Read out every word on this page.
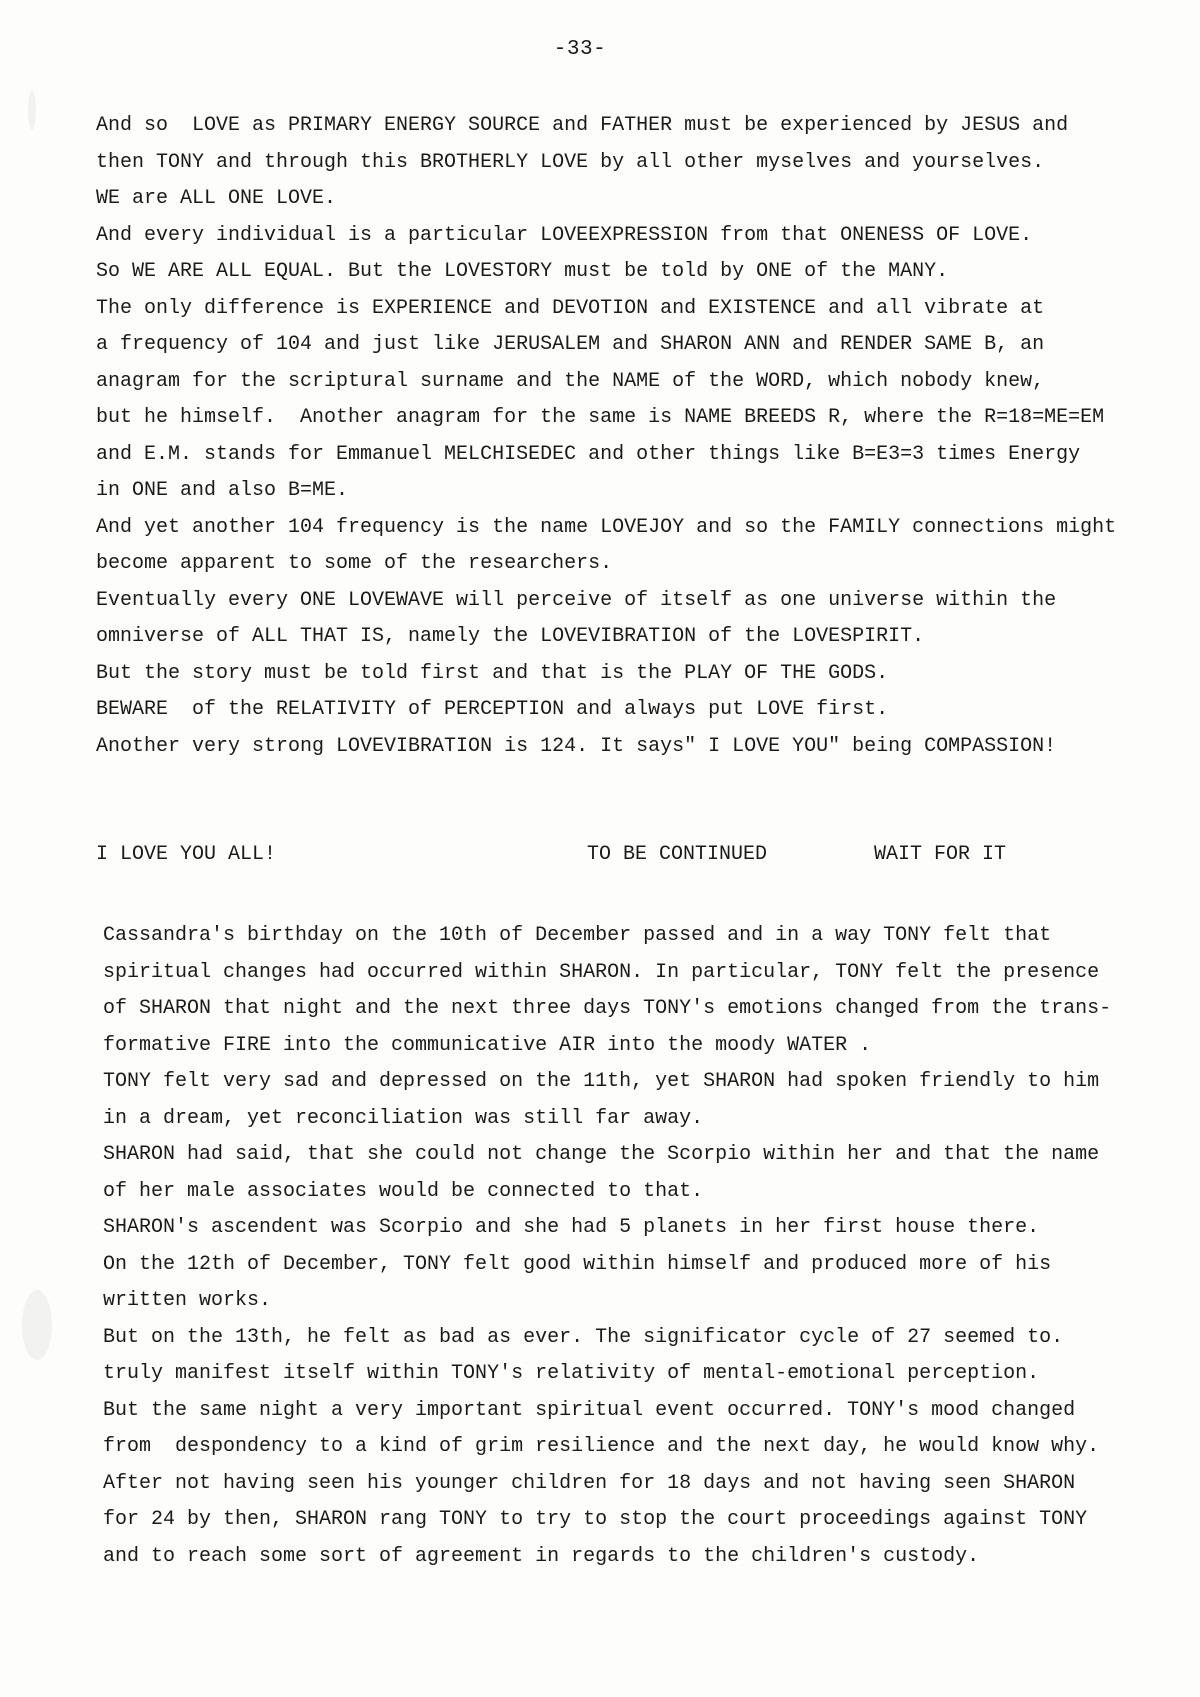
-33-
And so  LOVE as PRIMARY ENERGY SOURCE and FATHER must be experienced by JESUS and
then TONY and through this BROTHERLY LOVE by all other myselves and yourselves.
WE are ALL ONE LOVE.
And every individual is a particular LOVEEXPRESSION from that ONENESS OF LOVE.
So WE ARE ALL EQUAL. But the LOVESTORY must be told by ONE of the MANY.
The only difference is EXPERIENCE and DEVOTION and EXISTENCE and all vibrate at
a frequency of 104 and just like JERUSALEM and SHARON ANN and RENDER SAME B, an
anagram for the scriptural surname and the NAME of the WORD, which nobody knew,
but he himself.  Another anagram for the same is NAME BREEDS R, where the R=18=ME=EM
and E.M. stands for Emmanuel MELCHISEDEC and other things like B=E3=3 times Energy
in ONE and also B=ME.
And yet another 104 frequency is the name LOVEJOY and so the FAMILY connections might
become apparent to some of the researchers.
Eventually every ONE LOVEWAVE will perceive of itself as one universe within the
omniverse of ALL THAT IS, namely the LOVEVIBRATION of the LOVESPIRIT.
But the story must be told first and that is the PLAY OF THE GODS.
BEWARE  of the RELATIVITY of PERCEPTION and always put LOVE first.
Another very strong LOVEVIBRATION is 124. It says" I LOVE YOU" being COMPASSION!
I LOVE YOU ALL!	TO BE CONTINUED	WAIT FOR IT
Cassandra's birthday on the 10th of December passed and in a way TONY felt that
spiritual changes had occurred within SHARON. In particular, TONY felt the presence
of SHARON that night and the next three days TONY's emotions changed from the trans-
formative FIRE into the communicative AIR into the moody WATER .
TONY felt very sad and depressed on the 11th, yet SHARON had spoken friendly to him
in a dream, yet reconciliation was still far away.
SHARON had said, that she could not change the Scorpio within her and that the name
of her male associates would be connected to that.
SHARON's ascendent was Scorpio and she had 5 planets in her first house there.
On the 12th of December, TONY felt good within himself and produced more of his
written works.
But on the 13th, he felt as bad as ever. The significator cycle of 27 seemed to.
truly manifest itself within TONY's relativity of mental-emotional perception.
But the same night a very important spiritual event occurred. TONY's mood changed
from  despondency to a kind of grim resilience and the next day, he would know why.
After not having seen his younger children for 18 days and not having seen SHARON
for 24 by then, SHARON rang TONY to try to stop the court proceedings against TONY
and to reach some sort of agreement in regards to the children's custody.
